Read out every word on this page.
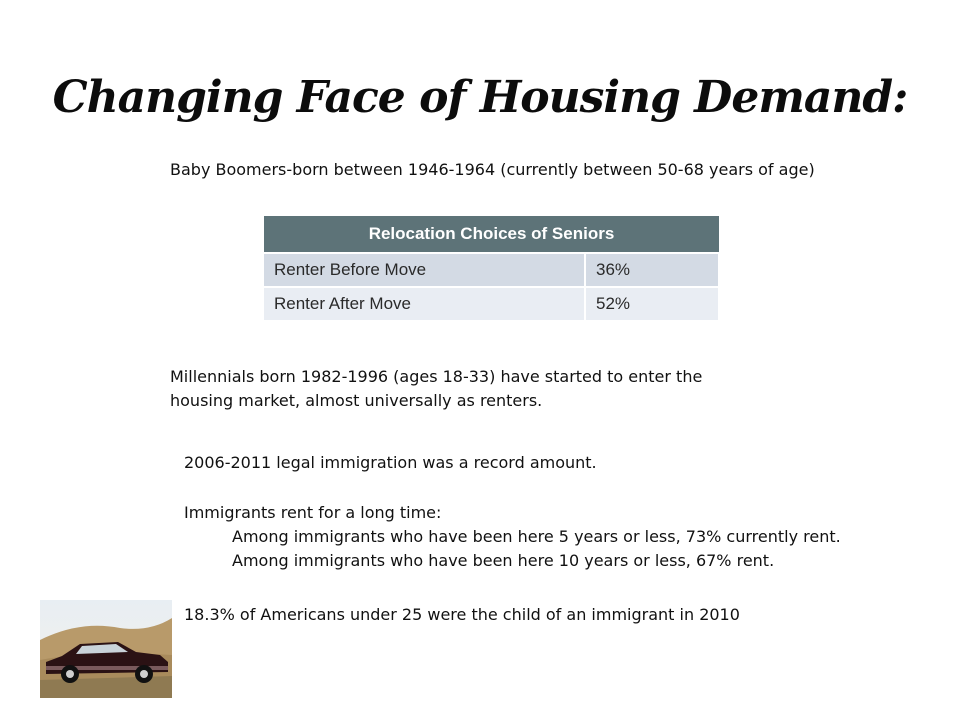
Changing Face of Housing Demand:
Baby Boomers-born between 1946-1964 (currently between 50-68 years of age)
Relocation Choices of Seniors	
Renter Before Move	36%
Renter After Move	52%
Millennials born 1982-1996 (ages 18-33) have started to enter the housing market, almost universally as renters.
2006-2011 legal immigration was a record amount.
Immigrants rent for a long time:
Among immigrants who have been here 5 years or less, 73% currently rent.
Among immigrants who have been here 10 years or less, 67% rent.
18.3% of Americans under 25 were the child of an immigrant in 2010
